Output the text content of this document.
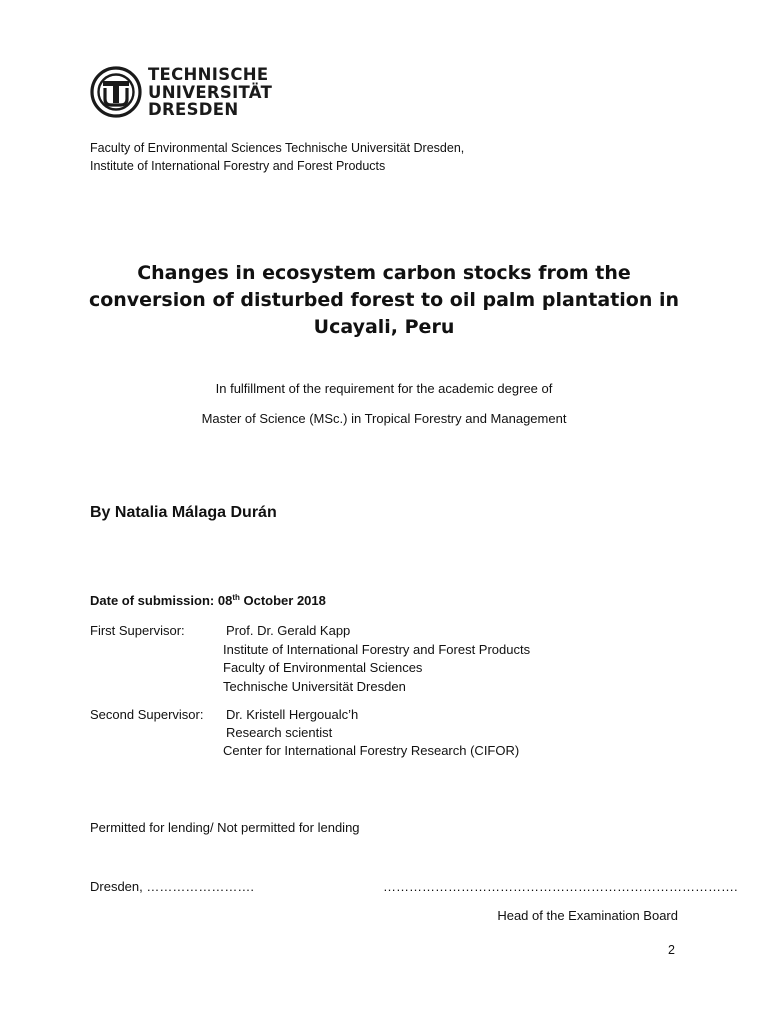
TECHNISCHE
UNIVERSITÄT
DRESDEN
Faculty of Environmental Sciences Technische Universität Dresden,
Institute of International Forestry and Forest Products
Changes in ecosystem carbon stocks from the
conversion of disturbed forest to oil palm plantation in
Ucayali, Peru
In fulfillment of the requirement for the academic degree of
Master of Science (MSc.) in Tropical Forestry and Management
By Natalia Málaga Durán
Date of submission: 08th October 2018
First Supervisor:	Prof. Dr. Gerald Kapp
Institute of International Forestry and Forest Products
Faculty of Environmental Sciences
Technische Universität Dresden
Second Supervisor: Dr. Kristell Hergoualc’h
Research scientist
Center for International Forestry Research (CIFOR)
Permitted for lending/ Not permitted for lending
Dresden, …………………….	……………………………………………………………………….
Head of the Examination Board
2
